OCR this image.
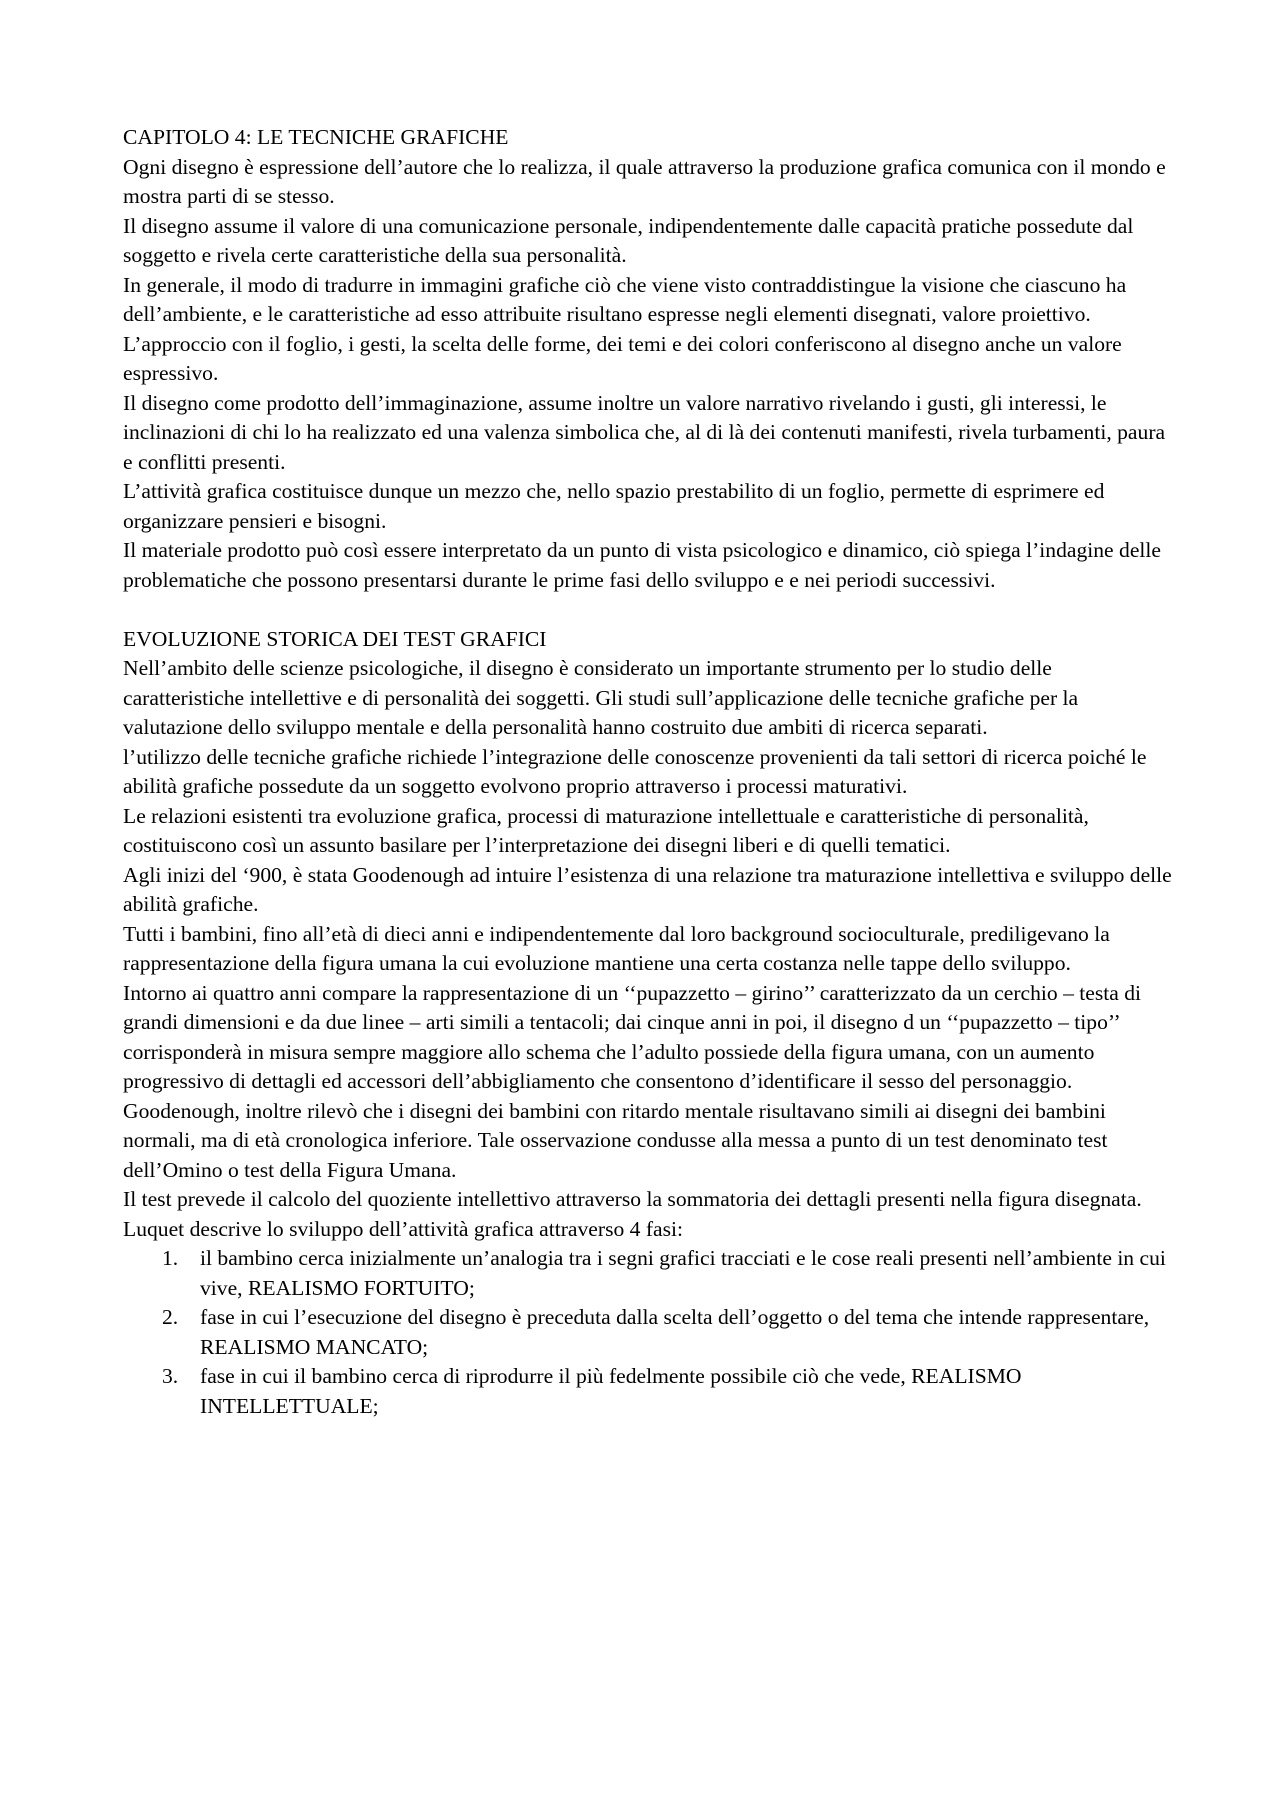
CAPITOLO 4: LE TECNICHE GRAFICHE

Ogni disegno è espressione dell’autore che lo realizza, il quale attraverso la produzione grafica comunica con il mondo e mostra parti di se stesso.

Il disegno assume il valore di una comunicazione personale, indipendentemente dalle capacità pratiche possedute dal soggetto e rivela certe caratteristiche della sua personalità.

In generale, il modo di tradurre in immagini grafiche ciò che viene visto contraddistingue la visione che ciascuno ha dell’ambiente, e le caratteristiche ad esso attribuite risultano espresse negli elementi disegnati, valore proiettivo.

L’approccio con il foglio, i gesti, la scelta delle forme, dei temi e dei colori conferiscono al disegno anche un valore espressivo.

Il disegno come prodotto dell’immaginazione, assume inoltre un valore narrativo rivelando i gusti, gli interessi, le inclinazioni di chi lo ha realizzato ed una valenza simbolica che, al di là dei contenuti manifesti, rivela turbamenti, paura e conflitti presenti.

L’attività grafica costituisce dunque un mezzo che, nello spazio prestabilito di un foglio, permette di esprimere ed organizzare pensieri e bisogni.

Il materiale prodotto può così essere interpretato da un punto di vista psicologico e dinamico, ciò spiega l’indagine delle problematiche che possono presentarsi durante le prime fasi dello sviluppo e e nei periodi successivi.

EVOLUZIONE STORICA DEI TEST GRAFICI

Nell’ambito delle scienze psicologiche, il disegno è considerato un importante strumento per lo studio delle caratteristiche intellettive e di personalità dei soggetti. Gli studi sull’applicazione delle tecniche grafiche per la valutazione dello sviluppo mentale e della personalità hanno costruito due ambiti di ricerca separati.

l’utilizzo delle tecniche grafiche richiede l’integrazione delle conoscenze provenienti da tali settori di ricerca poiché le abilità grafiche possedute da un soggetto evolvono proprio attraverso i processi maturativi.

Le relazioni esistenti tra evoluzione grafica, processi di maturazione intellettuale e caratteristiche di personalità, costituiscono così un assunto basilare per l’interpretazione dei disegni liberi e di quelli tematici.

Agli inizi del ‘900, è stata Goodenough ad intuire l’esistenza di una relazione tra maturazione intellettiva e sviluppo delle abilità grafiche.

Tutti i bambini, fino all’età di dieci anni e indipendentemente dal loro background socioculturale, prediligevano la rappresentazione della figura umana la cui evoluzione mantiene una certa costanza nelle tappe dello sviluppo.

Intorno ai quattro anni compare la rappresentazione di un ‘‘pupazzetto – girino’’ caratterizzato da un cerchio – testa di grandi dimensioni e da due linee – arti simili a tentacoli; dai cinque anni in poi, il disegno d un ‘‘pupazzetto – tipo’’ corrisponderà in misura sempre maggiore allo schema che l’adulto possiede della figura umana, con un aumento progressivo di dettagli ed accessori dell’abbigliamento che consentono d’identificare il sesso del personaggio.

Goodenough, inoltre rilevò che i disegni dei bambini con ritardo mentale risultavano simili ai disegni dei bambini normali, ma di età cronologica inferiore. Tale osservazione condusse alla messa a punto di un test denominato test dell’Omino o test della Figura Umana.

Il test prevede il calcolo del quoziente intellettivo attraverso la sommatoria dei dettagli presenti nella figura disegnata.

Luquet descrive lo sviluppo dell’attività grafica attraverso 4 fasi:

1.	il bambino cerca inizialmente un’analogia tra i segni grafici tracciati e le cose reali presenti nell’ambiente in cui vive, REALISMO FORTUITO;
2.	fase in cui l’esecuzione del disegno è preceduta dalla scelta dell’oggetto o del tema che intende rappresentare, REALISMO MANCATO;
3.	fase in cui il bambino cerca di riprodurre il più fedelmente possibile ciò che vede, REALISMO INTELLETTUALE;
